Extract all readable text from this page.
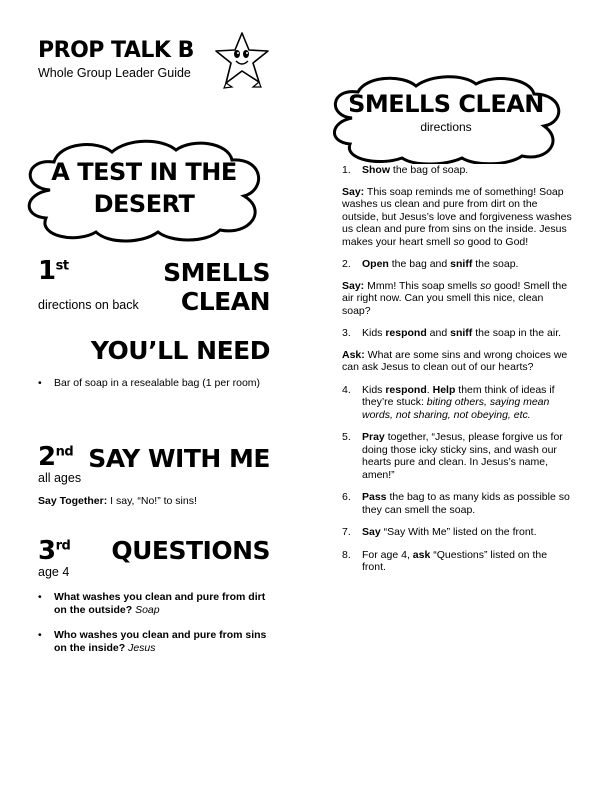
PROP TALK B
Whole Group Leader Guide
A TEST IN THE
DESERT
1st	SMELLS CLEAN
directions on back
YOU’LL NEED
• Bar of soap in a resealable bag (1 per room)
2nd SAY WITH ME
all ages
Say Together: I say, “No!” to sins!
3rd	QUESTIONS
age 4
• What washes you clean and pure from dirt on the outside? Soap
• Who washes you clean and pure from sins on the inside? Jesus
SMELLS CLEAN
directions
1. Show the bag of soap.
Say: This soap reminds me of something! Soap washes us clean and pure from dirt on the outside, but Jesus’s love and forgiveness washes us clean and pure from sins on the inside. Jesus makes your heart smell so good to God!
2. Open the bag and sniff the soap.
Say: Mmm! This soap smells so good! Smell the air right now. Can you smell this nice, clean soap?
3. Kids respond and sniff the soap in the air.
Ask: What are some sins and wrong choices we can ask Jesus to clean out of our hearts?
4. Kids respond. Help them think of ideas if they’re stuck: biting others, saying mean words, not sharing, not obeying, etc.
5. Pray together, “Jesus, please forgive us for doing those icky sticky sins, and wash our hearts pure and clean. In Jesus’s name, amen!”
6. Pass the bag to as many kids as possible so they can smell the soap.
7. Say “Say With Me” listed on the front.
8. For age 4, ask “Questions” listed on the front.
